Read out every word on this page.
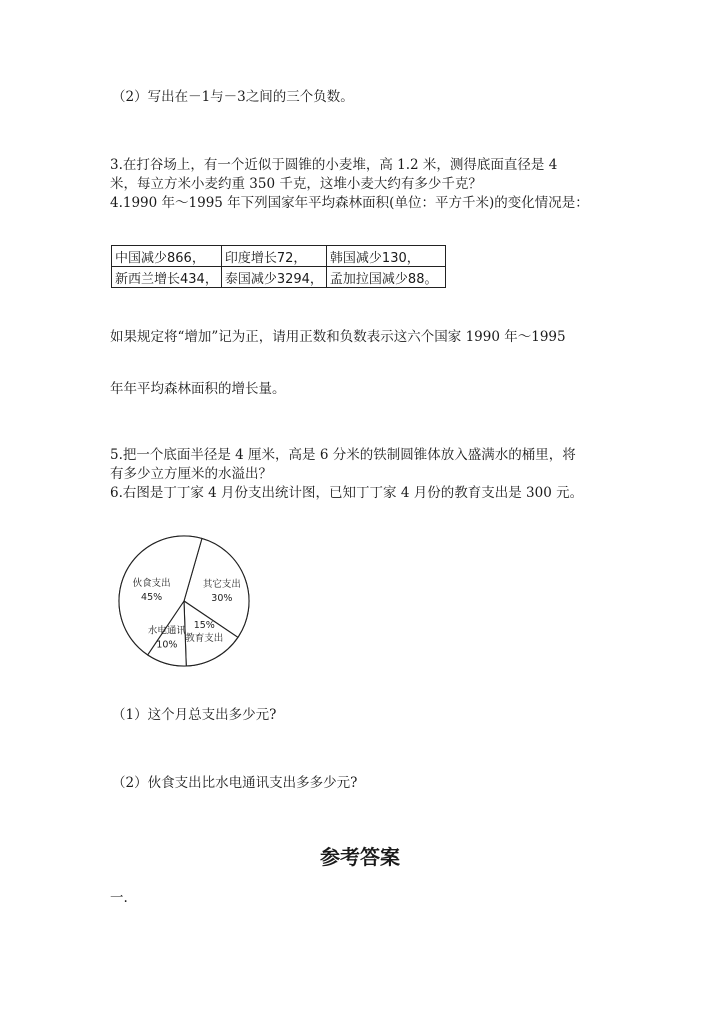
（2）写出在－1与－3之间的三个负数。
3.在打谷场上，有一个近似于圆锥的小麦堆，高 1.2 米，测得底面直径是 4
米，每立方米小麦约重 350 千克，这堆小麦大约有多少千克？
4.1990 年～1995 年下列国家年平均森林面积(单位：平方千米)的变化情况是：
中国减少866，	印度增长72，	韩国减少130，
新西兰增长434，	泰国减少3294，	孟加拉国减少88。
如果规定将“增加”记为正，请用正数和负数表示这六个国家 1990 年～1995
年年平均森林面积的增长量。
5.把一个底面半径是 4 厘米，高是 6 分米的铁制圆锥体放入盛满水的桶里，将
有多少立方厘米的水溢出？
6.右图是丁丁家 4 月份支出统计图，已知丁丁家 4 月份的教育支出是 300 元。
其它支出
30%
教育支出
15%
水电通讯
10%
伙食支出
45%
（1）这个月总支出多少元?
（2）伙食支出比水电通讯支出多多少元?
参考答案
一.
